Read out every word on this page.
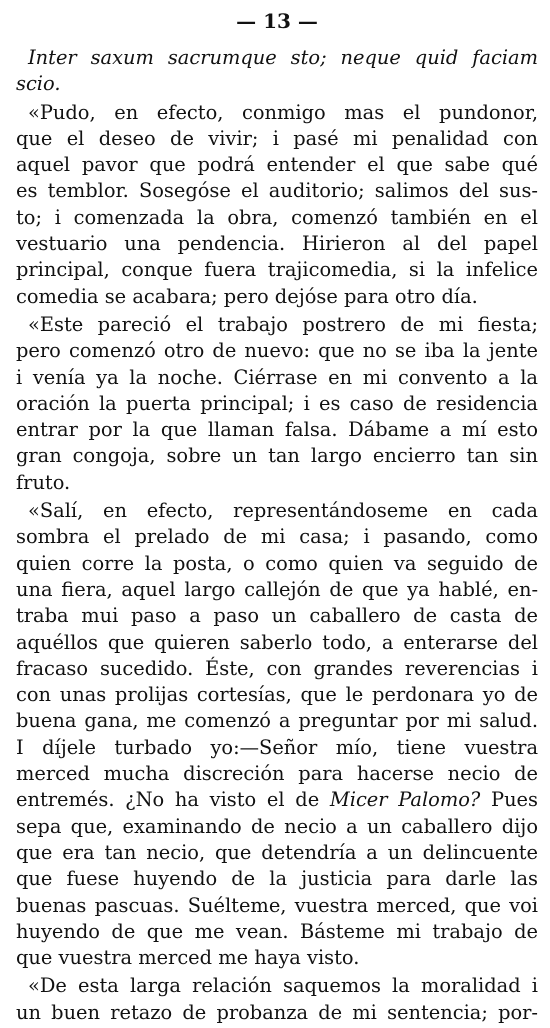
— 13 —
Inter saxum sacrumque sto; neque quid faciam
scio.
«Pudo, en efecto, conmigo mas el pundonor,
que el deseo de vivir; i pasé mi penalidad con
aquel pavor que podrá entender el que sabe qué
es temblor. Sosegóse el auditorio; salimos del sus-
to; i comenzada la obra, comenzó también en el
vestuario una pendencia. Hirieron al del papel
principal, conque fuera trajicomedia, si la infelice
comedia se acabara; pero dejóse para otro día.
«Este pareció el trabajo postrero de mi fiesta;
pero comenzó otro de nuevo: que no se iba la jente
i venía ya la noche. Ciérrase en mi convento a la
oración la puerta principal; i es caso de residencia
entrar por la que llaman falsa. Dábame a mí esto
gran congoja, sobre un tan largo encierro tan sin
fruto.
«Salí, en efecto, representándoseme en cada
sombra el prelado de mi casa; i pasando, como
quien corre la posta, o como quien va seguido de
una fiera, aquel largo callejón de que ya hablé, en-
traba mui paso a paso un caballero de casta de
aquéllos que quieren saberlo todo, a enterarse del
fracaso sucedido. Éste, con grandes reverencias i
con unas prolijas cortesías, que le perdonara yo de
buena gana, me comenzó a preguntar por mi salud.
I díjele turbado yo:—Señor mío, tiene vuestra
merced mucha discreción para hacerse necio de
entremés. ¿No ha visto el de Micer Palomo? Pues
sepa que, examinando de necio a un caballero dijo
que era tan necio, que detendría a un delincuente
que fuese huyendo de la justicia para darle las
buenas pascuas. Suélteme, vuestra merced, que voi
huyendo de que me vean. Básteme mi trabajo de
que vuestra merced me haya visto.
«De esta larga relación saquemos la moralidad i
un buen retazo de probanza de mi sentencia; por-
